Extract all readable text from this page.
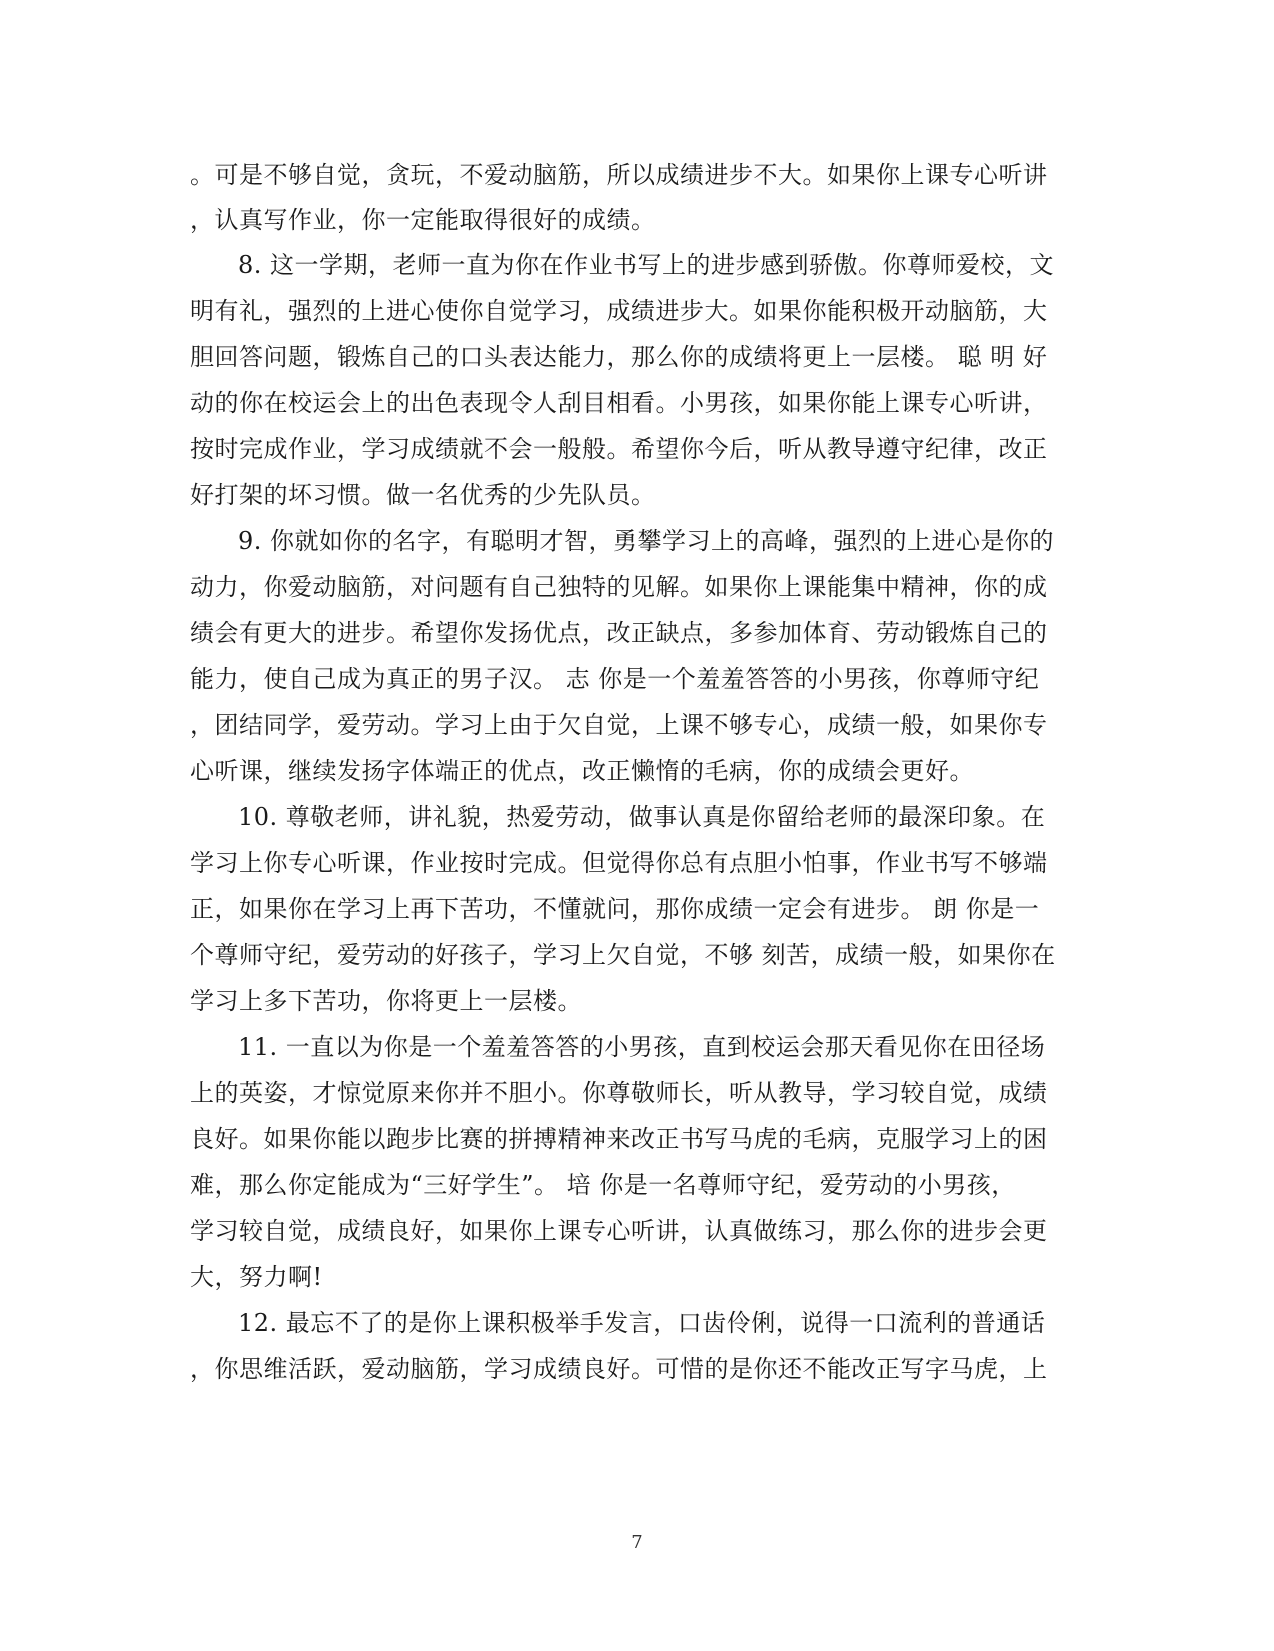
。可是不够自觉，贪玩，不爱动脑筋，所以成绩进步不大。如果你上课专心听讲
，认真写作业，你一定能取得很好的成绩。
8. 这一学期，老师一直为你在作业书写上的进步感到骄傲。你尊师爱校，文
明有礼，强烈的上进心使你自觉学习，成绩进步大。如果你能积极开动脑筋，大
胆回答问题，锻炼自己的口头表达能力，那么你的成绩将更上一层楼。 聪 明 好
动的你在校运会上的出色表现令人刮目相看。小男孩，如果你能上课专心听讲，
按时完成作业，学习成绩就不会一般般。希望你今后，听从教导遵守纪律，改正
好打架的坏习惯。做一名优秀的少先队员。
9. 你就如你的名字，有聪明才智，勇攀学习上的高峰，强烈的上进心是你的
动力，你爱动脑筋，对问题有自己独特的见解。如果你上课能集中精神，你的成
绩会有更大的进步。希望你发扬优点，改正缺点，多参加体育、劳动锻炼自己的
能力，使自己成为真正的男子汉。 志 你是一个羞羞答答的小男孩，你尊师守纪
，团结同学，爱劳动。学习上由于欠自觉，上课不够专心，成绩一般，如果你专
心听课，继续发扬字体端正的优点，改正懒惰的毛病，你的成绩会更好。
10. 尊敬老师，讲礼貌，热爱劳动，做事认真是你留给老师的最深印象。在
学习上你专心听课，作业按时完成。但觉得你总有点胆小怕事，作业书写不够端
正，如果你在学习上再下苦功，不懂就问，那你成绩一定会有进步。 朗 你是一
个尊师守纪，爱劳动的好孩子，学习上欠自觉，不够 刻苦，成绩一般，如果你在
学习上多下苦功，你将更上一层楼。
11. 一直以为你是一个羞羞答答的小男孩，直到校运会那天看见你在田径场
上的英姿，才惊觉原来你并不胆小。你尊敬师长，听从教导，学习较自觉，成绩
良好。如果你能以跑步比赛的拼搏精神来改正书写马虎的毛病，克服学习上的困
难，那么你定能成为“三好学生”。 培 你是一名尊师守纪，爱劳动的小男孩，
学习较自觉，成绩良好，如果你上课专心听讲，认真做练习，那么你的进步会更
大，努力啊!
12. 最忘不了的是你上课积极举手发言，口齿伶俐，说得一口流利的普通话
，你思维活跃，爱动脑筋，学习成绩良好。可惜的是你还不能改正写字马虎，上
7
